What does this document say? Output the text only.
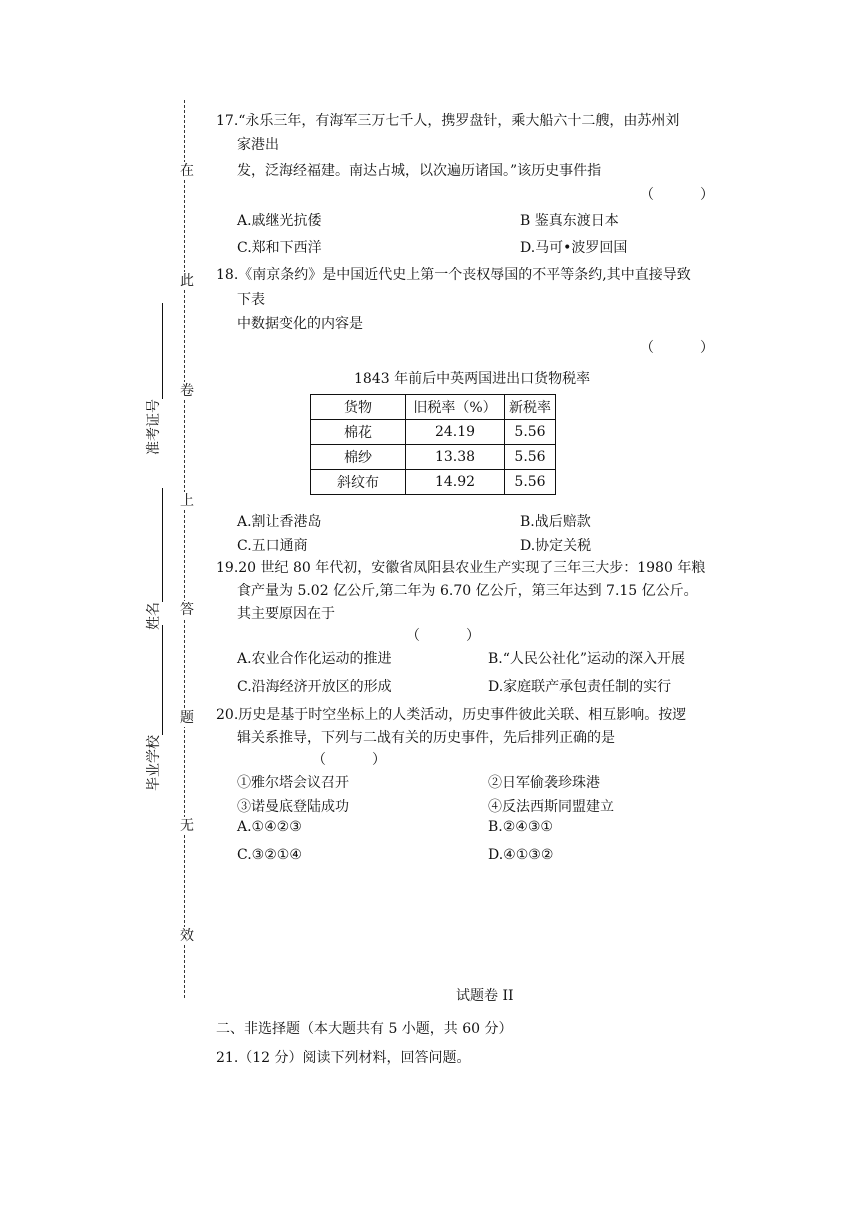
在
此
卷
上
答
题
无
效
准考证号
姓名
毕业学校
17.“永乐三年，有海军三万七千人，携罗盘针，乘大船六十二艘，由苏州刘
家港出
发，泛海经福建。南达占城，以次遍历诸国。”该历史事件指
（	）
A.戚继光抗倭	B 鉴真东渡日本
C.郑和下西洋	D.马可•波罗回国
18.《南京条约》是中国近代史上第一个丧权辱国的不平等条约,其中直接导致
下表
中数据变化的内容是
（	）
1843 年前后中英两国进出口货物税率
货物	旧税率（%）	新税率
棉花	24.19	5.56
棉纱	13.38	5.56
斜纹布	14.92	5.56
A.割让香港岛	B.战后赔款
C.五口通商	D.协定关税
19.20 世纪 80 年代初，安徽省凤阳县农业生产实现了三年三大步：1980 年粮
食产量为 5.02 亿公斤,第二年为 6.70 亿公斤，第三年达到 7.15 亿公斤。
其主要原因在于
（	）
A.农业合作化运动的推进	B.“人民公社化”运动的深入开展
C.沿海经济开放区的形成	D.家庭联产承包责任制的实行
20.历史是基于时空坐标上的人类活动，历史事件彼此关联、相互影响。按逻
辑关系推导，下列与二战有关的历史事件，先后排列正确的是
（	）
①雅尔塔会议召开	②日军偷袭珍珠港
③诺曼底登陆成功	④反法西斯同盟建立
A.①④②③	B.②④③①
C.③②①④	D.④①③②
试题卷 II
二、非选择题（本大题共有 5 小题，共 60 分）
21.（12 分）阅读下列材料，回答问题。
